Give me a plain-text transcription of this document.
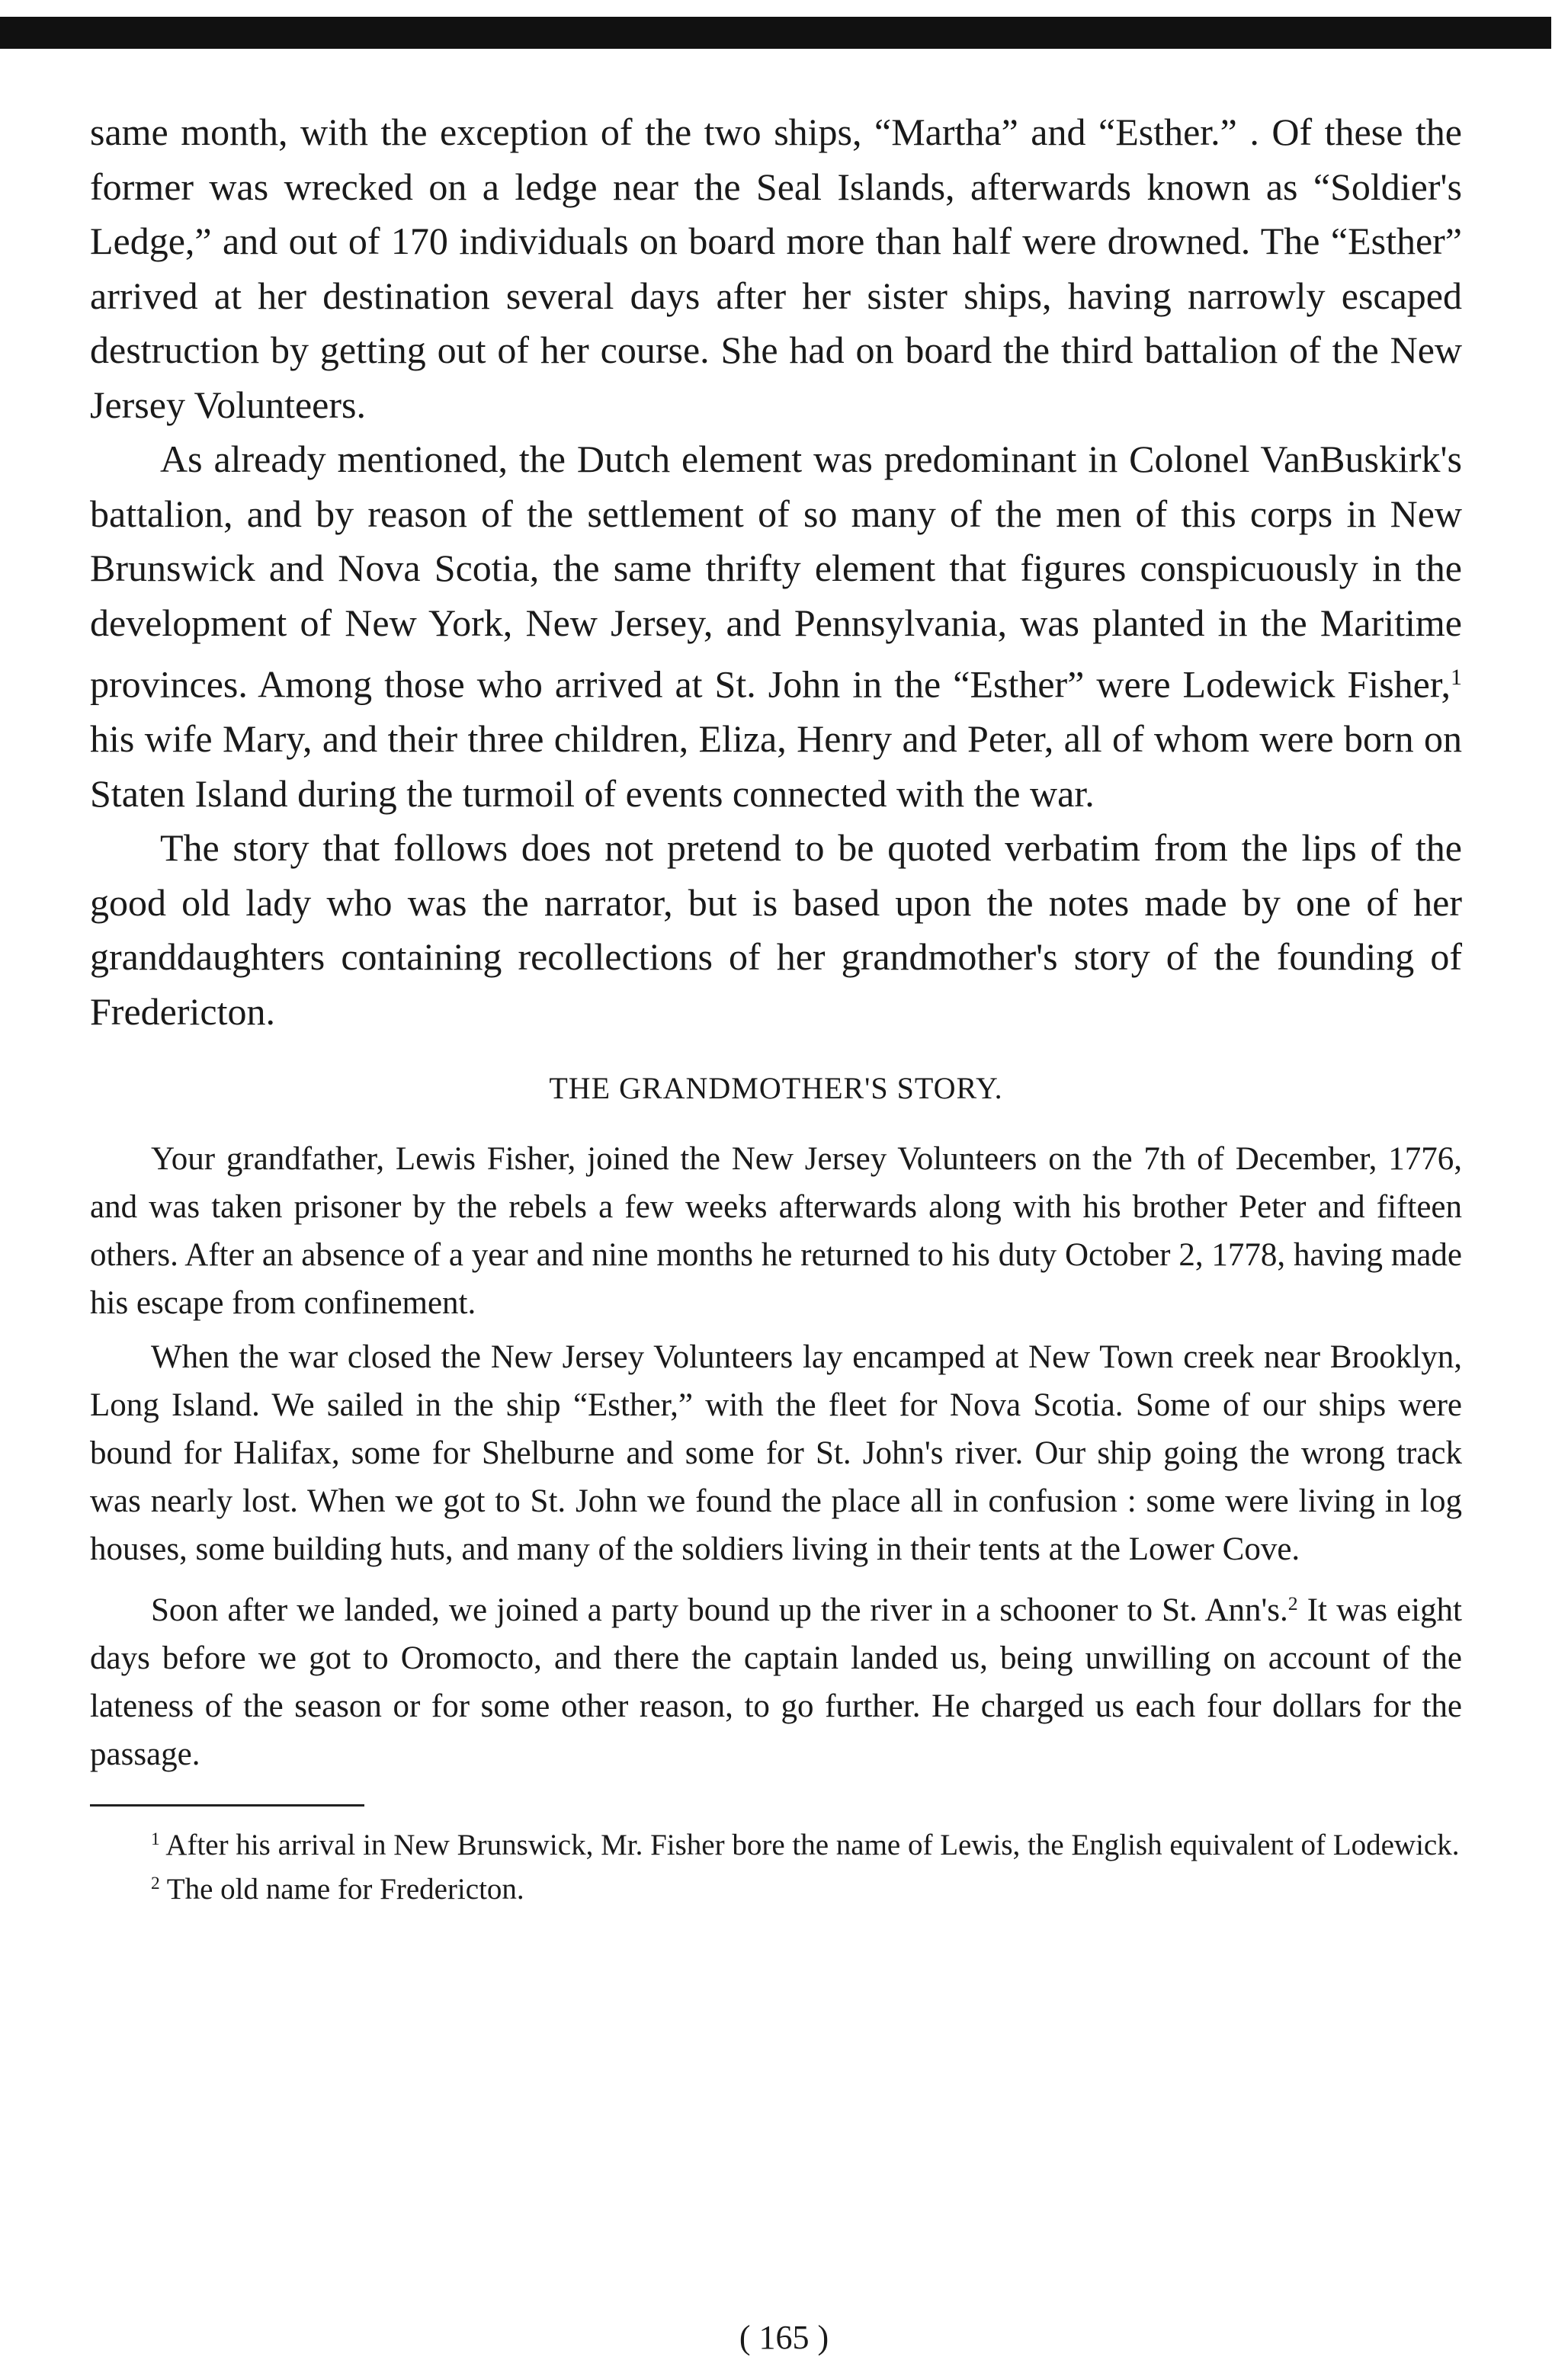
same month, with the exception of the two ships, “Martha” and “Esther.” . Of these the former was wrecked on a ledge near the Seal Islands, afterwards known as “Soldier's Ledge,” and out of 170 individuals on board more than half were drowned. The “Esther” arrived at her destination several days after her sister ships, having narrowly escaped destruction by getting out of her course. She had on board the third battalion of the New Jersey Volunteers.

As already mentioned, the Dutch element was predominant in Colonel VanBuskirk's battalion, and by reason of the settlement of so many of the men of this corps in New Brunswick and Nova Scotia, the same thrifty element that figures conspicuously in the development of New York, New Jersey, and Pennsylvania, was planted in the Maritime provinces. Among those who arrived at St. John in the “Esther” were Lodewick Fisher,$^1$ his wife Mary, and their three children, Eliza, Henry and Peter, all of whom were born on Staten Island during the turmoil of events connected with the war.

The story that follows does not pretend to be quoted verbatim from the lips of the good old lady who was the narrator, but is based upon the notes made by one of her granddaughters containing recollections of her grandmother's story of the founding of Fredericton.

THE GRANDMOTHER'S STORY.

Your grandfather, Lewis Fisher, joined the New Jersey Volunteers on the 7th of December, 1776, and was taken prisoner by the rebels a few weeks afterwards along with his brother Peter and fifteen others. After an absence of a year and nine months he returned to his duty October 2, 1778, having made his escape from confinement.

When the war closed the New Jersey Volunteers lay encamped at New Town creek near Brooklyn, Long Island. We sailed in the ship “Esther,” with the fleet for Nova Scotia. Some of our ships were bound for Halifax, some for Shelburne and some for St. John's river. Our ship going the wrong track was nearly lost. When we got to St. John we found the place all in confusion : some were living in log houses, some building huts, and many of the soldiers living in their tents at the Lower Cove.

Soon after we landed, we joined a party bound up the river in a schooner to St. Ann's.$^2$ It was eight days before we got to Oromocto, and there the captain landed us, being unwilling on account of the lateness of the season or for some other reason, to go further. He charged us each four dollars for the passage.

$^1$ After his arrival in New Brunswick, Mr. Fisher bore the name of Lewis, the English equivalent of Lodewick.

$^2$ The old name for Fredericton.

( 165 )
